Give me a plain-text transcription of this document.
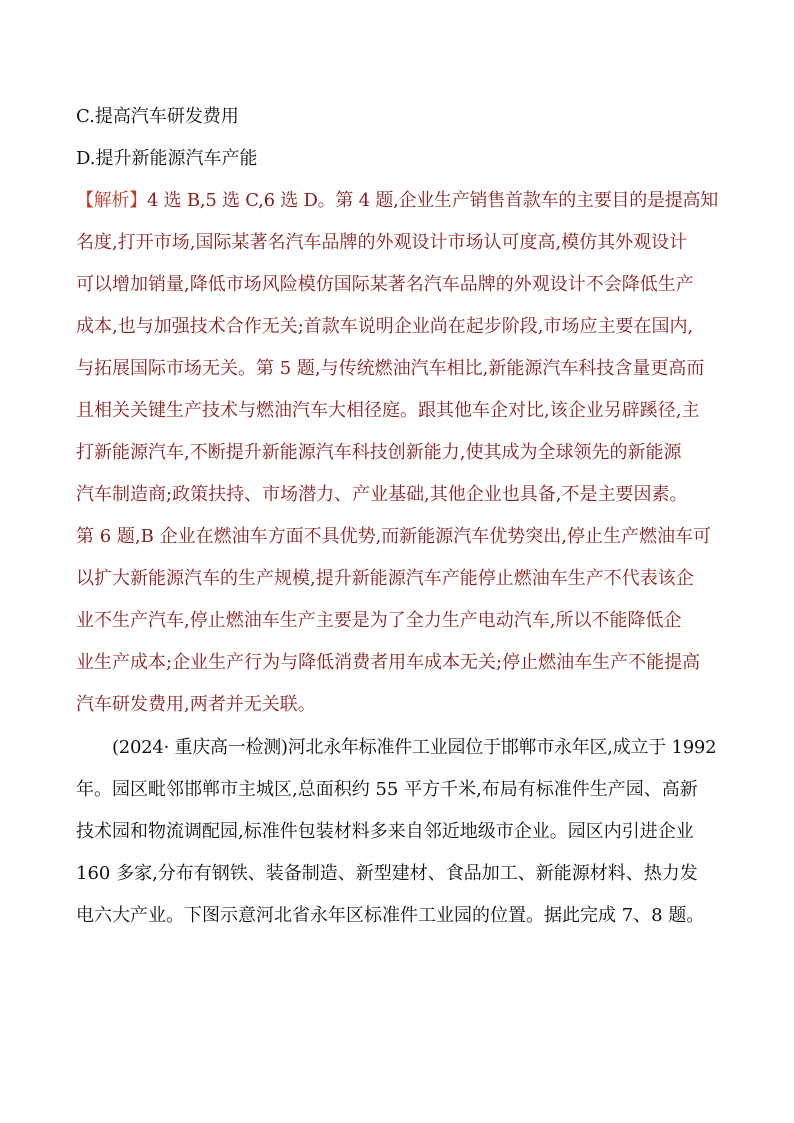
C.提高汽车研发费用
D.提升新能源汽车产能
【解析】4 选 B,5 选 C,6 选 D。第 4 题,企业生产销售首款车的主要目的是提高知
名度,打开市场,国际某著名汽车品牌的外观设计市场认可度高,模仿其外观设计
可以增加销量,降低市场风险模仿国际某著名汽车品牌的外观设计不会降低生产
成本,也与加强技术合作无关;首款车说明企业尚在起步阶段,市场应主要在国内,
与拓展国际市场无关。第 5 题,与传统燃油汽车相比,新能源汽车科技含量更高而
且相关关键生产技术与燃油汽车大相径庭。跟其他车企对比,该企业另辟蹊径,主
打新能源汽车,不断提升新能源汽车科技创新能力,使其成为全球领先的新能源
汽车制造商;政策扶持、市场潜力、产业基础,其他企业也具备,不是主要因素。
第 6 题,B 企业在燃油车方面不具优势,而新能源汽车优势突出,停止生产燃油车可
以扩大新能源汽车的生产规模,提升新能源汽车产能停止燃油车生产不代表该企
业不生产汽车,停止燃油车生产主要是为了全力生产电动汽车,所以不能降低企
业生产成本;企业生产行为与降低消费者用车成本无关;停止燃油车生产不能提高
汽车研发费用,两者并无关联。
(2024· 重庆高一检测)河北永年标准件工业园位于邯郸市永年区,成立于 1992
年。园区毗邻邯郸市主城区,总面积约 55 平方千米,布局有标准件生产园、高新
技术园和物流调配园,标准件包装材料多来自邻近地级市企业。园区内引进企业
160 多家,分布有钢铁、装备制造、新型建材、食品加工、新能源材料、热力发
电六大产业。下图示意河北省永年区标准件工业园的位置。据此完成 7、8 题。
